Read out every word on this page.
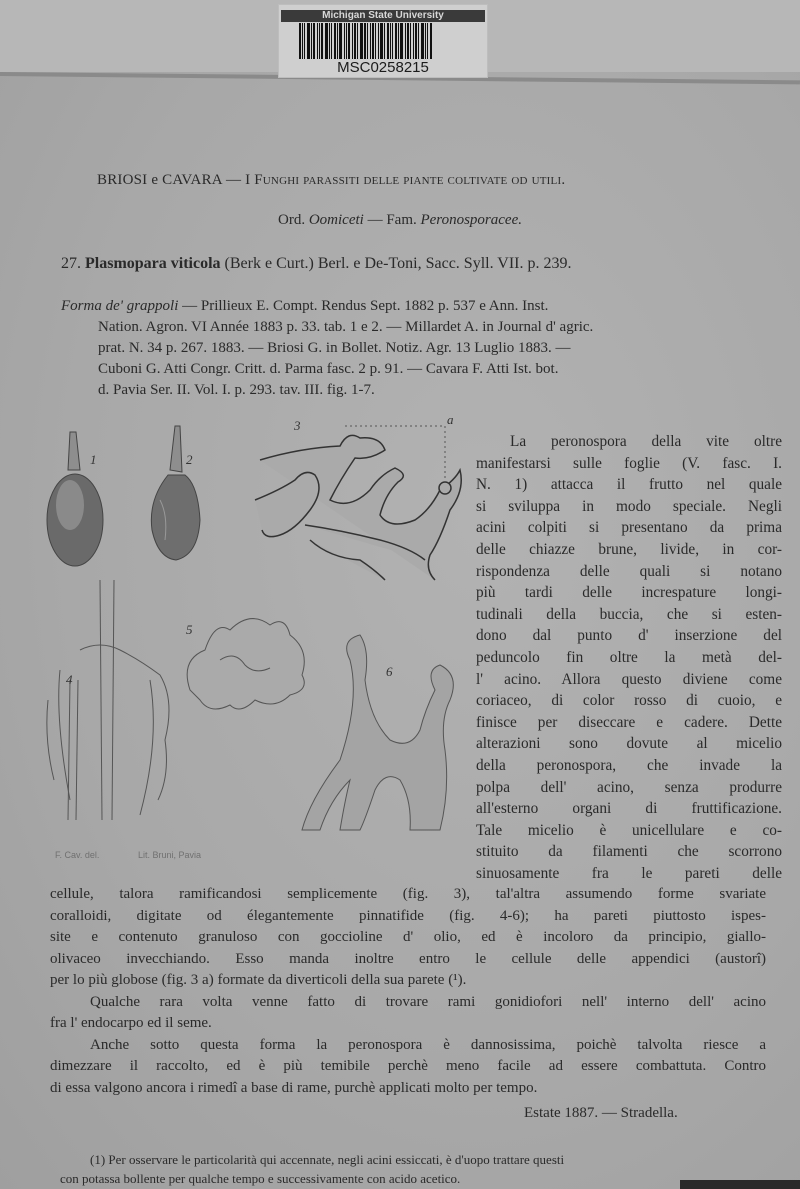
Michigan State University
MSC0258215
BRIOSI e CAVARA — I Funghi parassiti delle piante coltivate od utili.
Ord. Oomiceti — Fam. Peronosporacee.
27. Plasmopara viticola (Berk e Curt.) Berl. e De-Toni, Sacc. Syll. VII. p. 239.
Forma de' grappoli — Prillieux E. Compt. Rendus Sept. 1882 p. 537 e Ann. Inst.
Nation. Agron. VI Année 1883 p. 33. tab. 1 e 2. — Millardet A. in Journal d' agric.
prat. N. 34 p. 267. 1883. — Briosi G. in Bollet. Notiz. Agr. 13 Luglio 1883. —
Cuboni G. Atti Congr. Critt. d. Parma fasc. 2 p. 91. — Cavara F. Atti Ist. bot.
d. Pavia Ser. II. Vol. I. p. 293. tav. III. fig. 1-7.
1	2
3	a
4
5
6
F. Cav. del.	Lit. Bruni, Pavia
La peronospora della vite oltre
manifestarsi sulle foglie (V. fasc. I.
N. 1) attacca il frutto nel quale
si sviluppa in modo speciale. Negli
acini colpiti si presentano da prima
delle chiazze brune, livide, in cor-
rispondenza delle quali si notano
più tardi delle increspature longi-
tudinali della buccia, che si esten-
dono dal punto d' inserzione del
peduncolo fin oltre la metà del-
l' acino. Allora questo diviene come
coriaceo, di color rosso di cuoio, e
finisce per diseccare e cadere. Dette
alterazioni sono dovute al micelio
della peronospora, che invade la
polpa dell' acino, senza produrre
all'esterno organi di fruttificazione.
Tale micelio è unicellulare e co-
stituito da filamenti che scorrono
sinuosamente fra le pareti delle
cellule, talora ramificandosi semplicemente (fig. 3), tal'altra assumendo forme svariate
coralloidi, digitate od élegantemente pinnatifide (fig. 4-6); ha pareti piuttosto ispes-
site e contenuto granuloso con goccioline d' olio, ed è incoloro da principio, giallo-
olivaceo invecchiando. Esso manda inoltre entro le cellule delle appendici (austorî)
per lo più globose (fig. 3 a) formate da diverticoli della sua parete (¹).
Qualche rara volta venne fatto di trovare rami gonidiofori nell' interno dell' acino
fra l' endocarpo ed il seme.
Anche sotto questa forma la peronospora è dannosissima, poichè talvolta riesce a
dimezzare il raccolto, ed è più temibile perchè meno facile ad essere combattuta. Contro
di essa valgono ancora i rimedî a base di rame, purchè applicati molto per tempo.
Estate 1887. — Stradella.
(1) Per osservare le particolarità qui accennate, negli acini essiccati, è d'uopo trattare questi
con potassa bollente per qualche tempo e successivamente con acido acetico.
